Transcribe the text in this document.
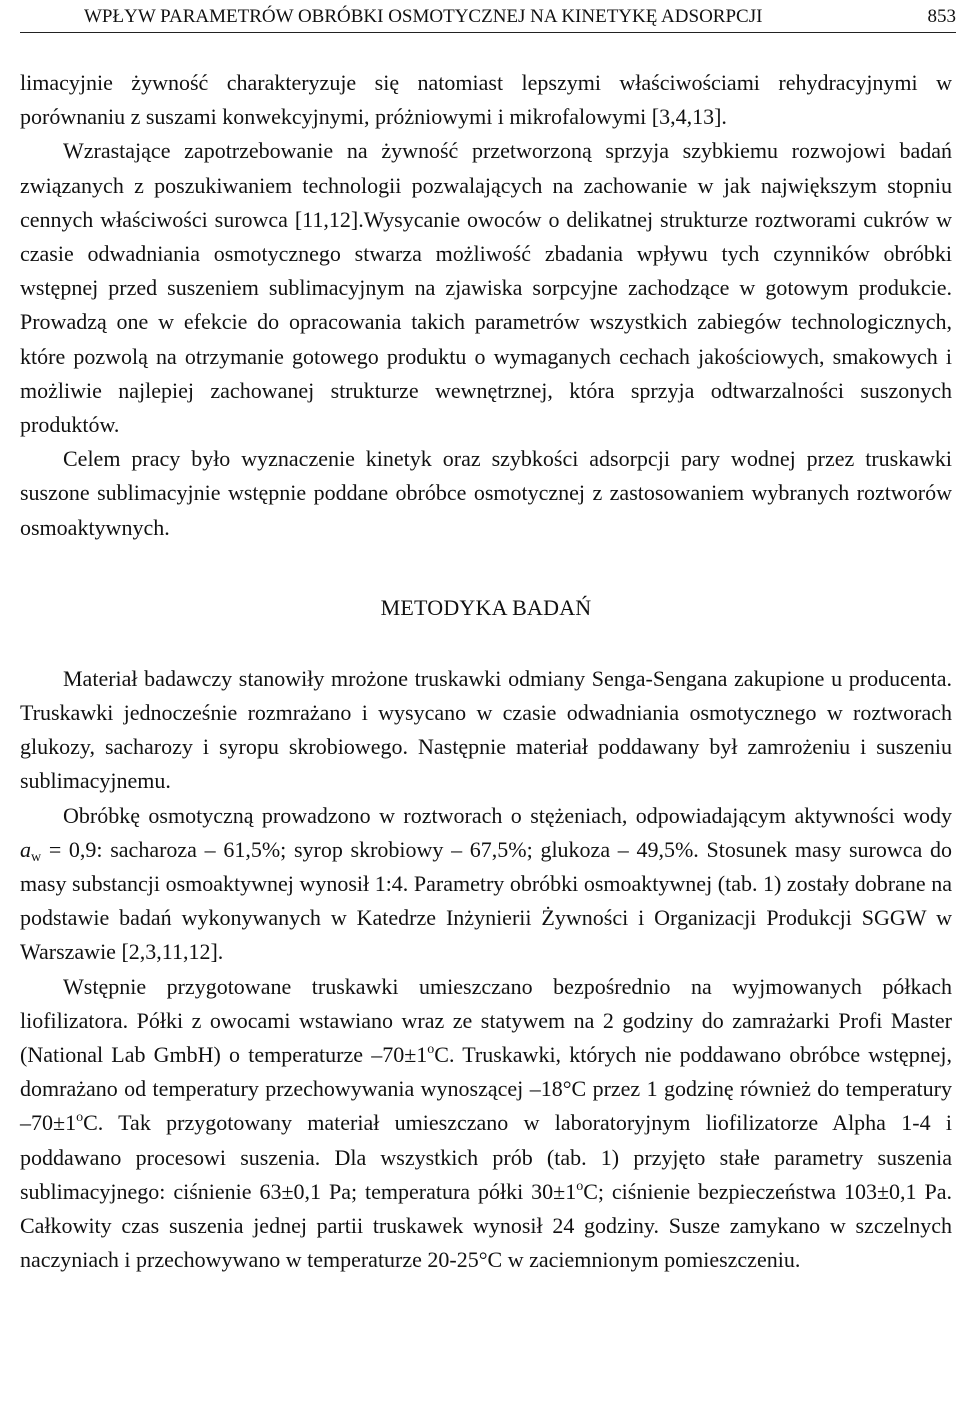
WPŁYW PARAMETRÓW OBRÓBKI OSMOTYCZNEJ NA KINETYKĘ ADSORPCJI	853

limacyjnie żywność charakteryzuje się natomiast lepszymi właściwościami rehydracyjnymi w porównaniu z suszami konwekcyjnymi, próżniowymi i mikrofalowymi [3,4,13].

Wzrastające zapotrzebowanie na żywność przetworzoną sprzyja szybkiemu rozwojowi badań związanych z poszukiwaniem technologii pozwalających na zachowanie w jak największym stopniu cennych właściwości surowca [11,12].Wysycanie owoców o delikatnej strukturze roztworami cukrów w czasie odwadniania osmotycznego stwarza możliwość zbadania wpływu tych czynników obróbki wstępnej przed suszeniem sublimacyjnym na zjawiska sorpcyjne zachodzące w gotowym produkcie. Prowadzą one w efekcie do opracowania takich parametrów wszystkich zabiegów technologicznych, które pozwolą na otrzymanie gotowego produktu o wymaganych cechach jakościowych, smakowych i możliwie najlepiej zachowanej strukturze wewnętrznej, która sprzyja odtwarzalności suszonych produktów.

Celem pracy było wyznaczenie kinetyk oraz szybkości adsorpcji pary wodnej przez truskawki suszone sublimacyjnie wstępnie poddane obróbce osmotycznej z zastosowaniem wybranych roztworów osmoaktywnych.

METODYKA BADAŃ

Materiał badawczy stanowiły mrożone truskawki odmiany Senga-Sengana zakupione u producenta. Truskawki jednocześnie rozmrażano i wysycano w czasie odwadniania osmotycznego w roztworach glukozy, sacharozy i syropu skrobiowego. Następnie materiał poddawany był zamrożeniu i suszeniu sublimacyjnemu.

Obróbkę osmotyczną prowadzono w roztworach o stężeniach, odpowiadającym aktywności wody $a_w = 0,9$: sacharoza – 61,5%; syrop skrobiowy – 67,5%; glukoza – 49,5%. Stosunek masy surowca do masy substancji osmoaktywnej wynosił 1:4. Parametry obróbki osmoaktywnej (tab. 1) zostały dobrane na podstawie badań wykonywanych w Katedrze Inżynierii Żywności i Organizacji Produkcji SGGW w Warszawie [2,3,11,12].

Wstępnie przygotowane truskawki umieszczano bezpośrednio na wyjmowanych półkach liofilizatora. Półki z owocami wstawiano wraz ze statywem na 2 godziny do zamrażarki Profi Master (National Lab GmbH) o temperaturze $-70\pm 1^oC$. Truskawki, których nie poddawano obróbce wstępnej, domrażano od temperatury przechowywania wynoszącej –18°C przez 1 godzinę również do temperatury $-70\pm 1^oC$. Tak przygotowany materiał umieszczano w laboratoryjnym liofilizatorze Alpha 1-4 i poddawano procesowi suszenia. Dla wszystkich prób (tab. 1) przyjęto stałe parametry suszenia sublimacyjnego: ciśnienie 63±0,1 Pa; temperatura półki $30\pm 1^oC$; ciśnienie bezpieczeństwa 103±0,1 Pa. Całkowity czas suszenia jednej partii truskawek wynosił 24 godziny. Susze zamykano w szczelnych naczyniach i przechowywano w temperaturze 20-25°C w zaciemnionym pomieszczeniu.
